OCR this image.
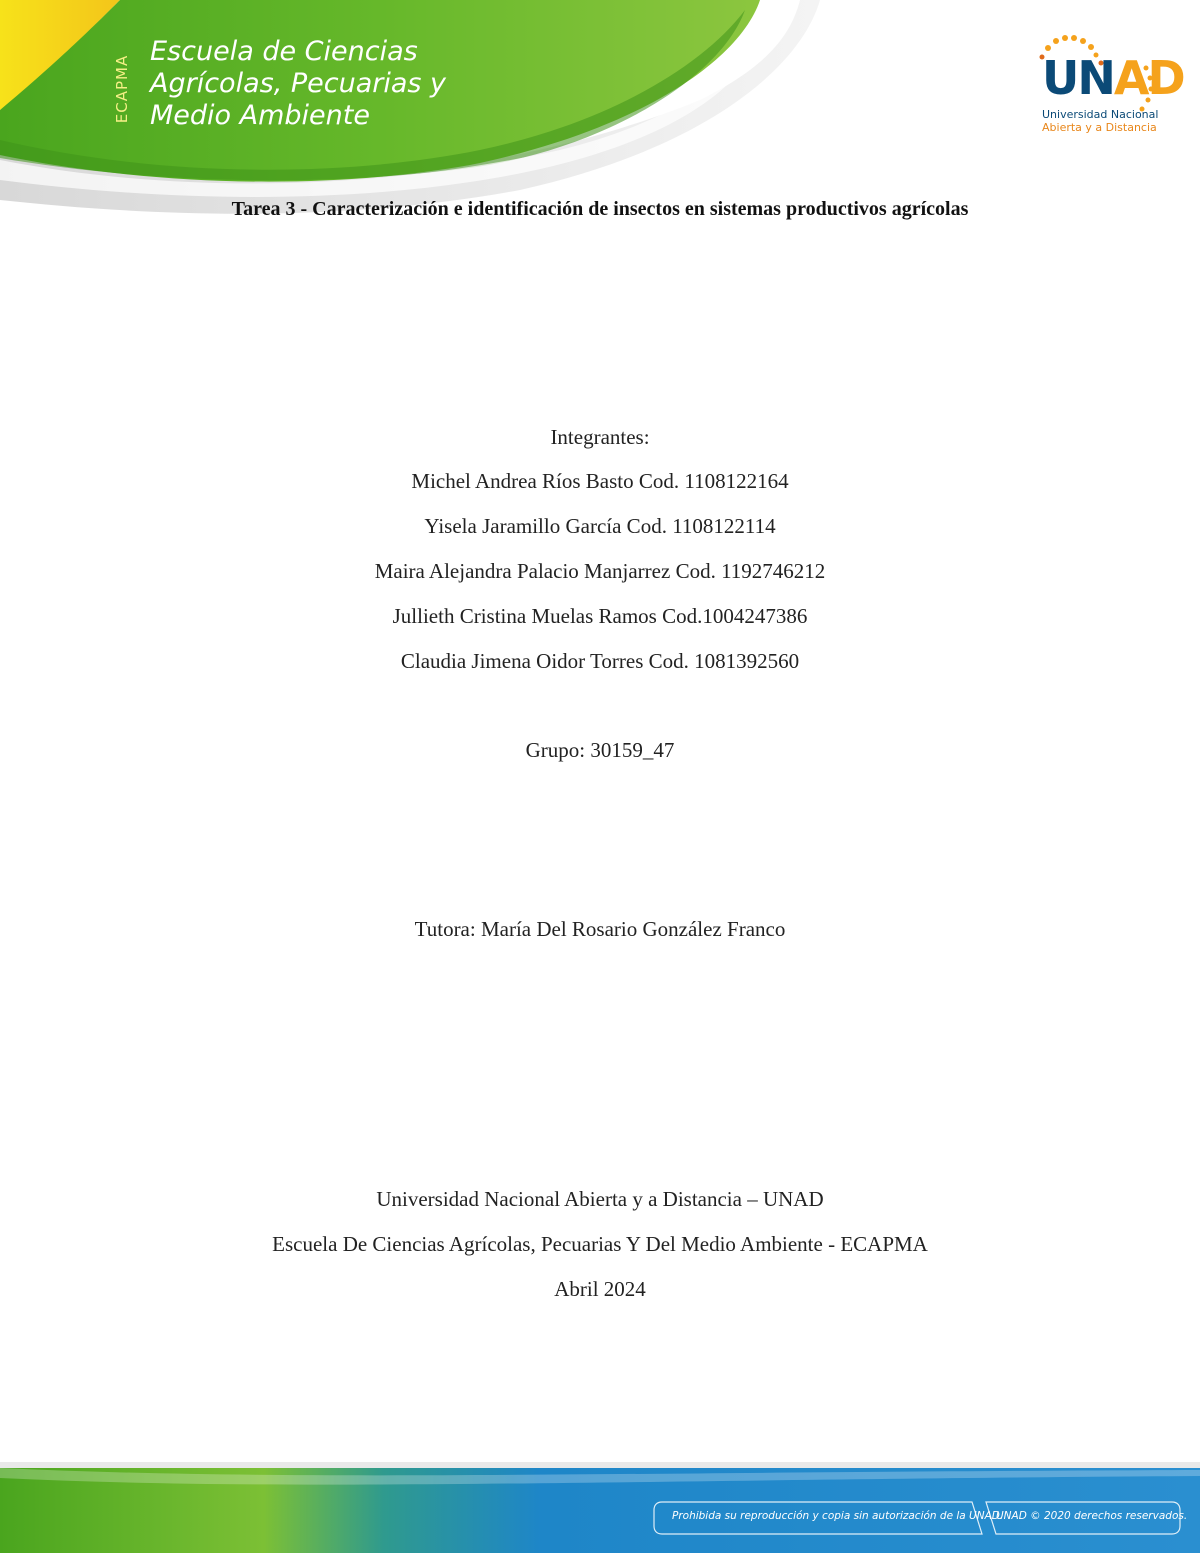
ECAPMA
Escuela de Ciencias
Agrícolas, Pecuarias y
Medio Ambiente
UNAD
Universidad Nacional
Abierta y a Distancia
Tarea 3 - Caracterización e identificación de insectos en sistemas productivos agrícolas
Integrantes:
Michel Andrea Ríos Basto Cod. 1108122164
Yisela Jaramillo García Cod. 1108122114
Maira Alejandra Palacio Manjarrez Cod. 1192746212
Jullieth Cristina Muelas Ramos Cod.1004247386
Claudia Jimena Oidor Torres Cod. 1081392560
Grupo: 30159_47
Tutora: María Del Rosario González Franco
Universidad Nacional Abierta y a Distancia – UNAD
Escuela De Ciencias Agrícolas, Pecuarias Y Del Medio Ambiente - ECAPMA
Abril 2024
Prohibida su reproducción y copia sin autorización de la UNAD.
UNAD © 2020 derechos reservados.
